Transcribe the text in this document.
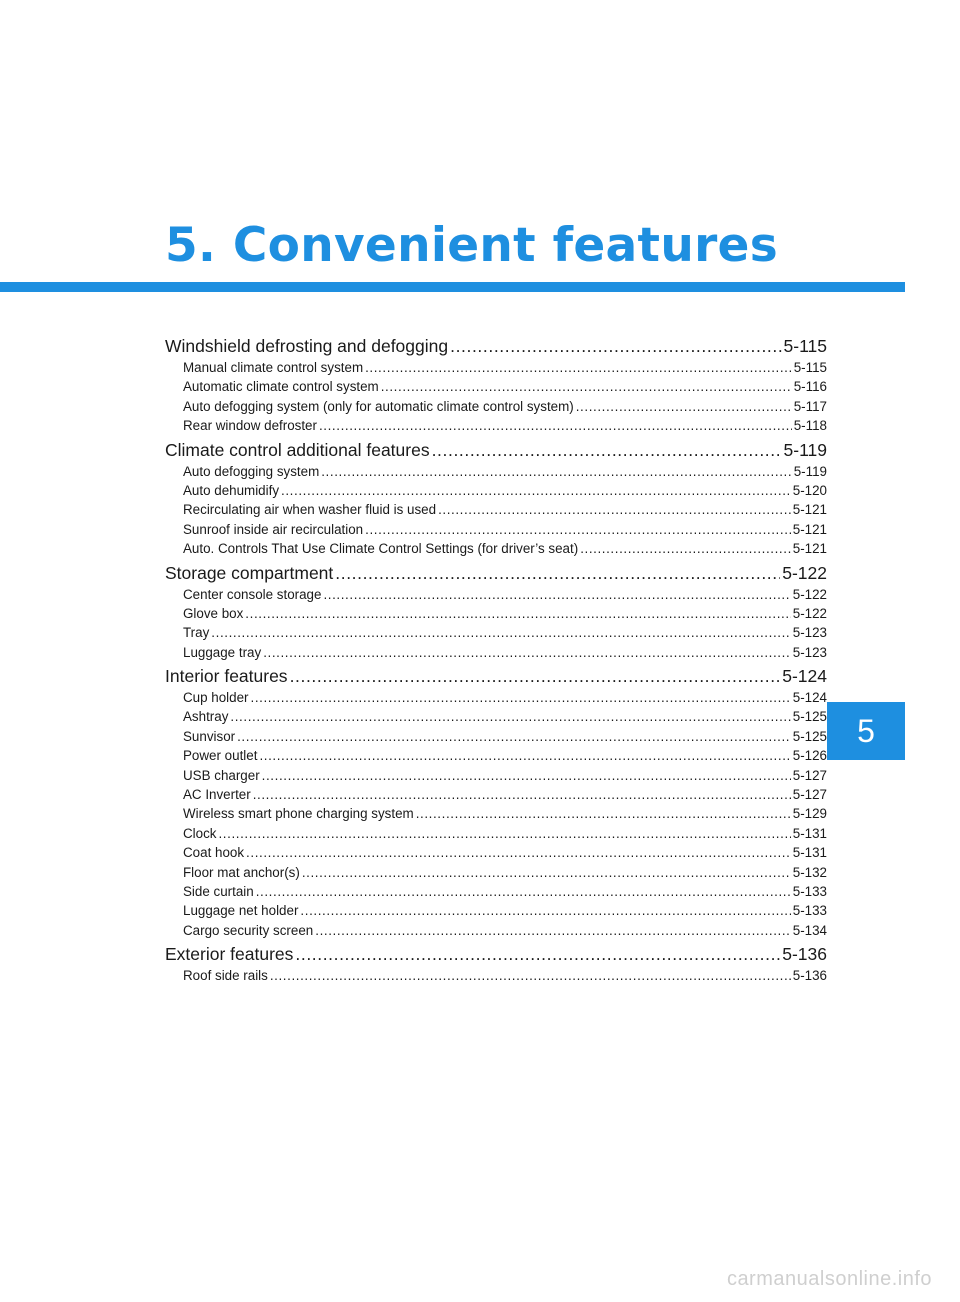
5. Convenient features
Windshield defrosting and defogging .....	5-115
Manual climate control system .....	5-115
Automatic climate control system .....	5-116
Auto defogging system (only for automatic climate control system) .....	5-117
Rear window defroster .....	5-118
Climate control additional features .....	5-119
Auto defogging system .....	5-119
Auto dehumidify .....	5-120
Recirculating air when washer fluid is used .....	5-121
Sunroof inside air recirculation .....	5-121
Auto. Controls That Use Climate Control Settings (for driver’s seat) .....	5-121
Storage compartment .....	5-122
Center console storage .....	5-122
Glove box .....	5-122
Tray .....	5-123
Luggage tray .....	5-123
Interior features .....	5-124
Cup holder .....	5-124
Ashtray .....	5-125
Sunvisor .....	5-125
Power outlet .....	5-126
USB charger .....	5-127
AC Inverter .....	5-127
Wireless smart phone charging system .....	5-129
Clock .....	5-131
Coat hook .....	5-131
Floor mat anchor(s) .....	5-132
Side curtain .....	5-133
Luggage net holder .....	5-133
Cargo security screen .....	5-134
Exterior features .....	5-136
Roof side rails .....	5-136
5
carmanualsonline.info
